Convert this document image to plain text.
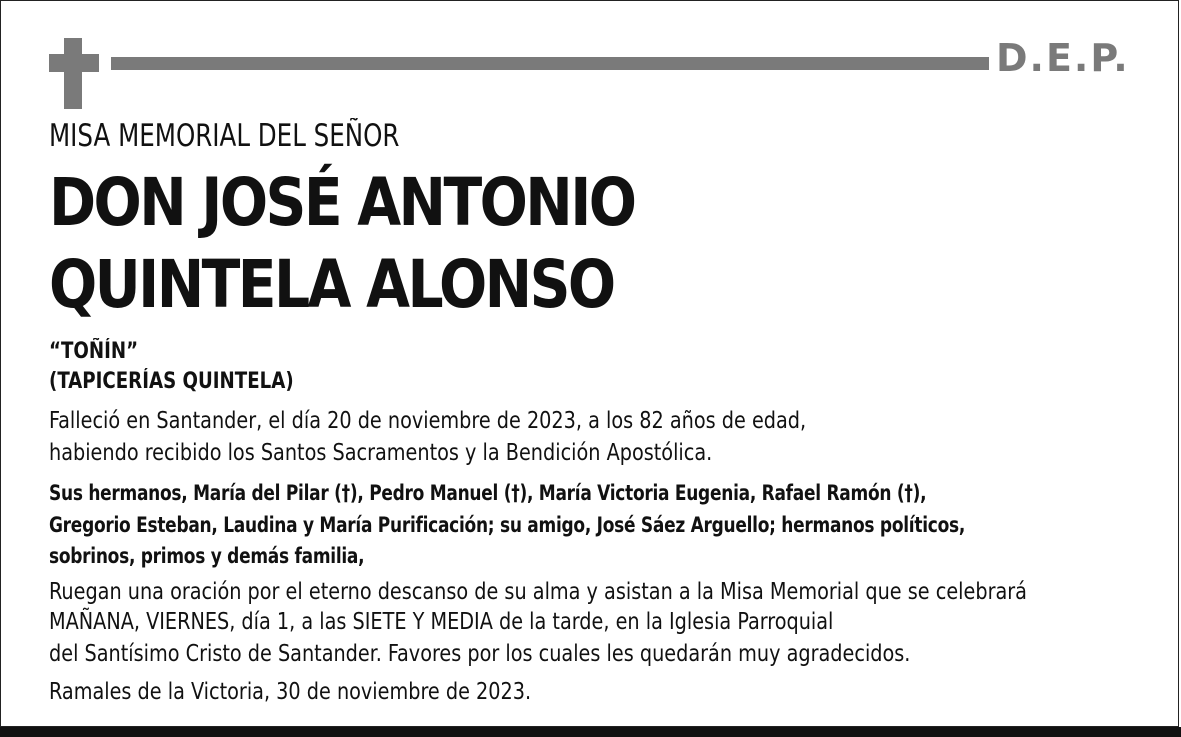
D.E.P.
MISA MEMORIAL DEL SEÑOR
DON JOSÉ ANTONIO
QUINTELA ALONSO
“TOÑÍN”
(TAPICERÍAS QUINTELA)
Falleció en Santander, el día 20 de noviembre de 2023, a los 82 años de edad,
habiendo recibido los Santos Sacramentos y la Bendición Apostólica.
Sus hermanos, María del Pilar (†), Pedro Manuel (†), María Victoria Eugenia, Rafael Ramón (†),
Gregorio Esteban, Laudina y María Purificación; su amigo, José Sáez Arguello; hermanos políticos,
sobrinos, primos y demás familia,
Ruegan una oración por el eterno descanso de su alma y asistan a la Misa Memorial que se celebrará
MAÑANA, VIERNES, día 1, a las SIETE Y MEDIA de la tarde, en la Iglesia Parroquial
del Santísimo Cristo de Santander. Favores por los cuales les quedarán muy agradecidos.
Ramales de la Victoria, 30 de noviembre de 2023.
